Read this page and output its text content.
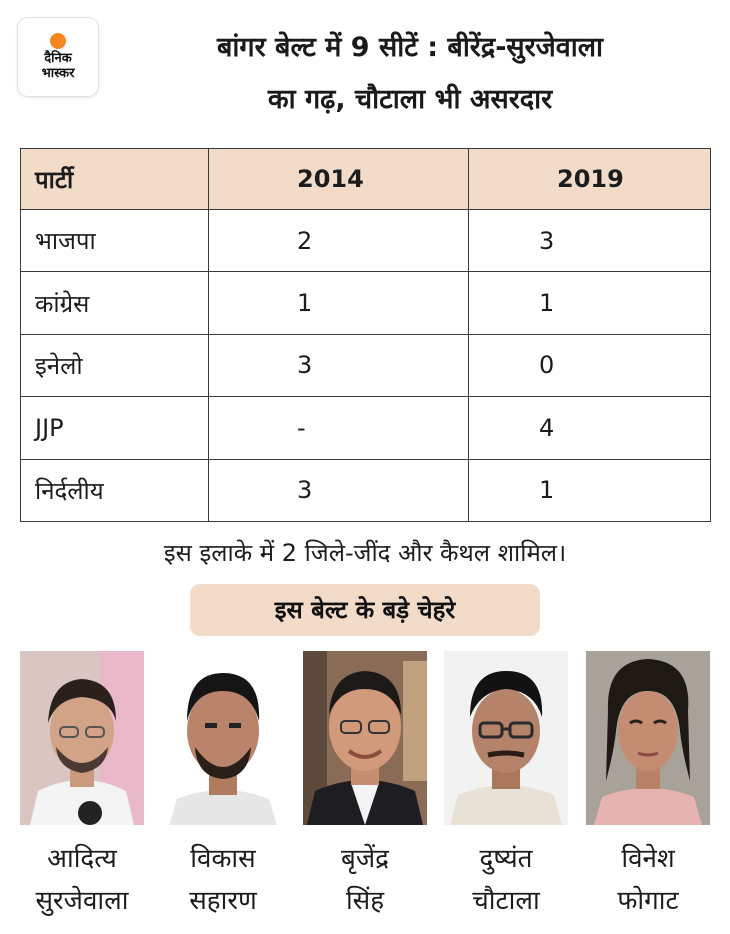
दैनिक
भास्कर
बांगर बेल्ट में 9 सीटें : बीरेंद्र-सुरजेवाला
का गढ़, चौटाला भी असरदार
पार्टी	2014	2019
भाजपा	2	3
कांग्रेस	1	1
इनेलो	3	0
JJP	-	4
निर्दलीय	3	1
इस इलाके में 2 जिले-जींद और कैथल शामिल।
इस बेल्ट के बड़े चेहरे
आदित्य
सुरजेवाला
विकास
सहारण
बृजेंद्र
सिंह
दुष्यंत
चौटाला
विनेश
फोगाट
